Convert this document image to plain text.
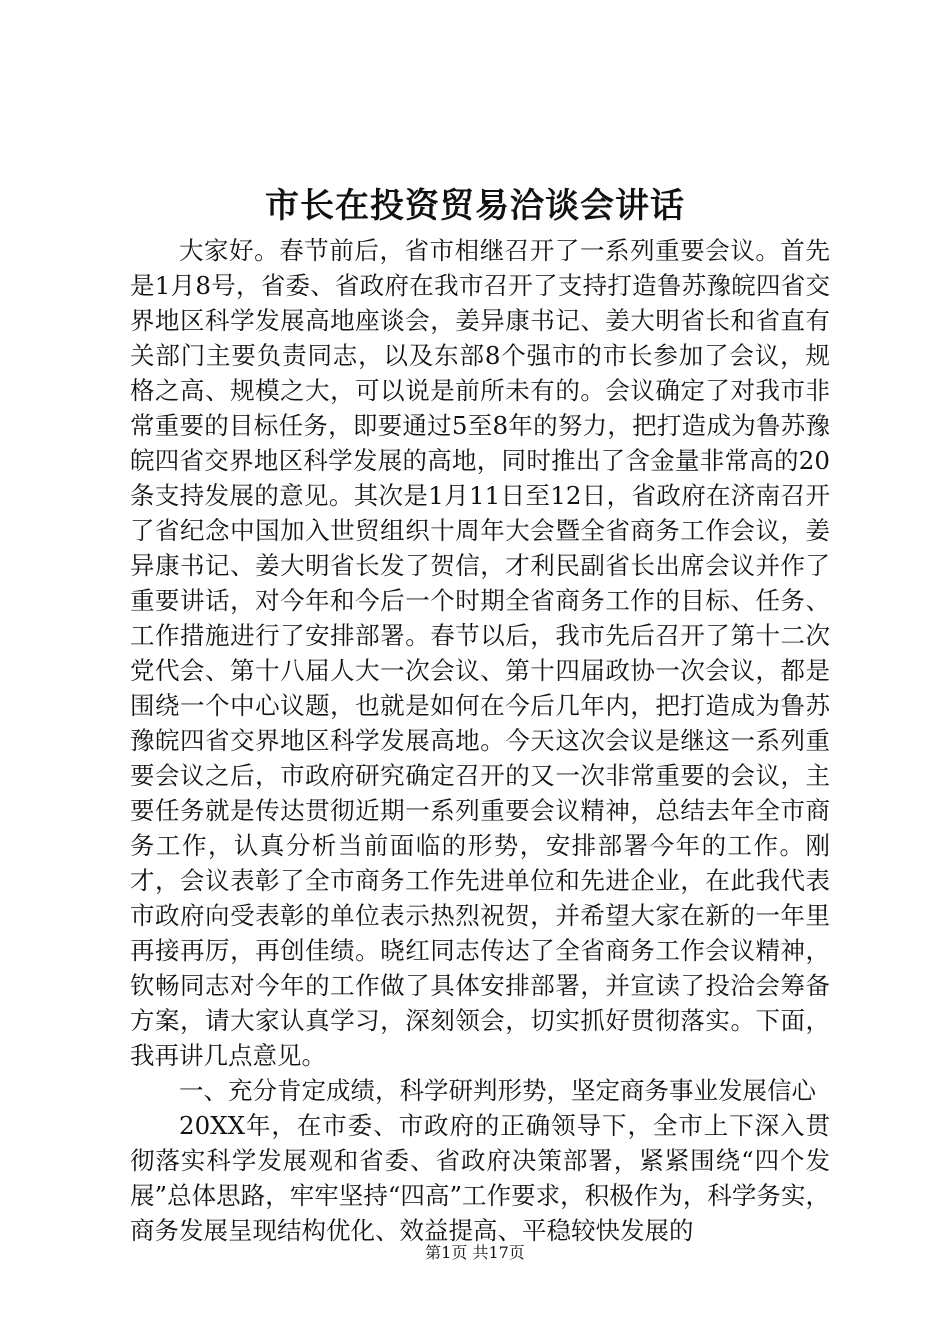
市长在投资贸易洽谈会讲话

大家好。春节前后，省市相继召开了一系列重要会议。首先是1月8号，省委、省政府在我市召开了支持打造鲁苏豫皖四省交界地区科学发展高地座谈会，姜异康书记、姜大明省长和省直有关部门主要负责同志，以及东部8个强市的市长参加了会议，规格之高、规模之大，可以说是前所未有的。会议确定了对我市非常重要的目标任务，即要通过5至8年的努力，把打造成为鲁苏豫皖四省交界地区科学发展的高地，同时推出了含金量非常高的20条支持发展的意见。其次是1月11日至12日，省政府在济南召开了省纪念中国加入世贸组织十周年大会暨全省商务工作会议，姜异康书记、姜大明省长发了贺信，才利民副省长出席会议并作了重要讲话，对今年和今后一个时期全省商务工作的目标、任务、工作措施进行了安排部署。春节以后，我市先后召开了第十二次党代会、第十八届人大一次会议、第十四届政协一次会议，都是围绕一个中心议题，也就是如何在今后几年内，把打造成为鲁苏豫皖四省交界地区科学发展高地。今天这次会议是继这一系列重要会议之后，市政府研究确定召开的又一次非常重要的会议，主要任务就是传达贯彻近期一系列重要会议精神，总结去年全市商务工作，认真分析当前面临的形势，安排部署今年的工作。刚才，会议表彰了全市商务工作先进单位和先进企业，在此我代表市政府向受表彰的单位表示热烈祝贺，并希望大家在新的一年里再接再厉，再创佳绩。晓红同志传达了全省商务工作会议精神，钦畅同志对今年的工作做了具体安排部署，并宣读了投洽会筹备方案，请大家认真学习，深刻领会，切实抓好贯彻落实。下面，我再讲几点意见。

一、充分肯定成绩，科学研判形势，坚定商务事业发展信心

20XX年，在市委、市政府的正确领导下，全市上下深入贯彻落实科学发展观和省委、省政府决策部署，紧紧围绕“四个发展”总体思路，牢牢坚持“四高”工作要求，积极作为，科学务实，商务发展呈现结构优化、效益提高、平稳较快发展的

第1页 共17页
